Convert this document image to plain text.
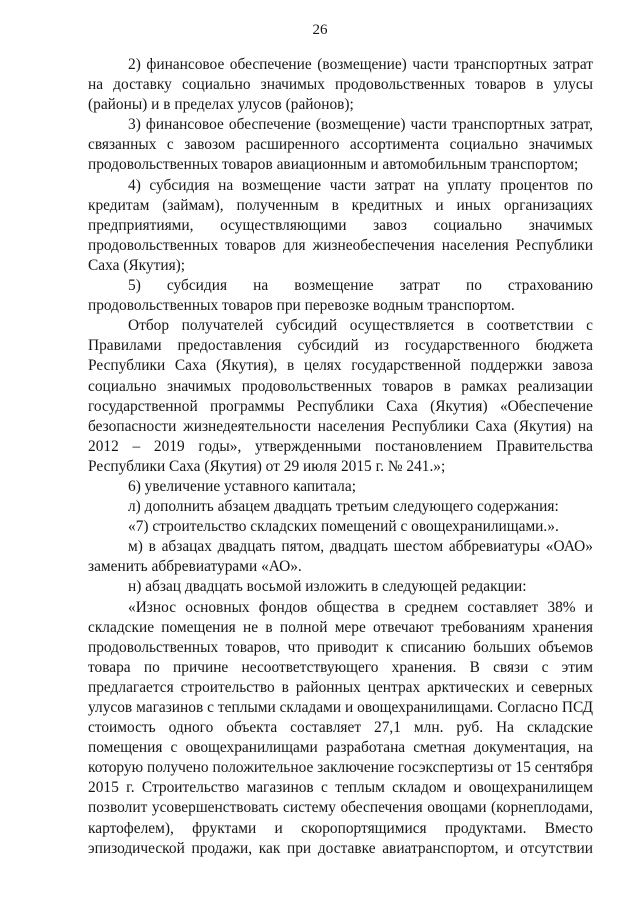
26

2) финансовое обеспечение (возмещение) части транспортных затрат на доставку социально значимых продовольственных товаров в улусы (районы) и в пределах улусов (районов);

3) финансовое обеспечение (возмещение) части транспортных затрат, связанных с завозом расширенного ассортимента социально значимых продовольственных товаров авиационным и автомобильным транспортом;

4) субсидия на возмещение части затрат на уплату процентов по кредитам (займам), полученным в кредитных и иных организациях предприятиями, осуществляющими завоз социально значимых продовольственных товаров для жизнеобеспечения населения Республики Саха (Якутия);

5) субсидия на возмещение затрат по страхованию продовольственных товаров при перевозке водным транспортом.

Отбор получателей субсидий осуществляется в соответствии с Правилами предоставления субсидий из государственного бюджета Республики Саха (Якутия), в целях государственной поддержки завоза социально значимых продовольственных товаров в рамках реализации государственной программы Республики Саха (Якутия) «Обеспечение безопасности жизнедеятельности населения Республики Саха (Якутия) на 2012 – 2019 годы», утвержденными постановлением Правительства Республики Саха (Якутия) от 29 июля 2015 г. № 241.»;

6) увеличение уставного капитала;

л) дополнить абзацем двадцать третьим следующего содержания:

«7) строительство складских помещений с овощехранилищами.».

м) в абзацах двадцать пятом, двадцать шестом аббревиатуры «ОАО» заменить аббревиатурами «АО».

н) абзац двадцать восьмой изложить в следующей редакции:

«Износ основных фондов общества в среднем составляет 38% и складские помещения не в полной мере отвечают требованиям хранения продовольственных товаров, что приводит к списанию больших объемов товара по причине несоответствующего хранения. В связи с этим предлагается строительство в районных центрах арктических и северных улусов магазинов с теплыми складами и овощехранилищами. Согласно ПСД стоимость одного объекта составляет 27,1 млн. руб. На складские помещения с овощехранилищами разработана сметная документация, на которую получено положительное заключение госэкспертизы от 15 сентября 2015 г. Строительство магазинов с теплым складом и овощехранилищем позволит усовершенствовать систему обеспечения овощами (корнеплодами, картофелем), фруктами и скоропортящимися продуктами. Вместо эпизодической продажи, как при доставке авиатранспортом, и отсутствии
